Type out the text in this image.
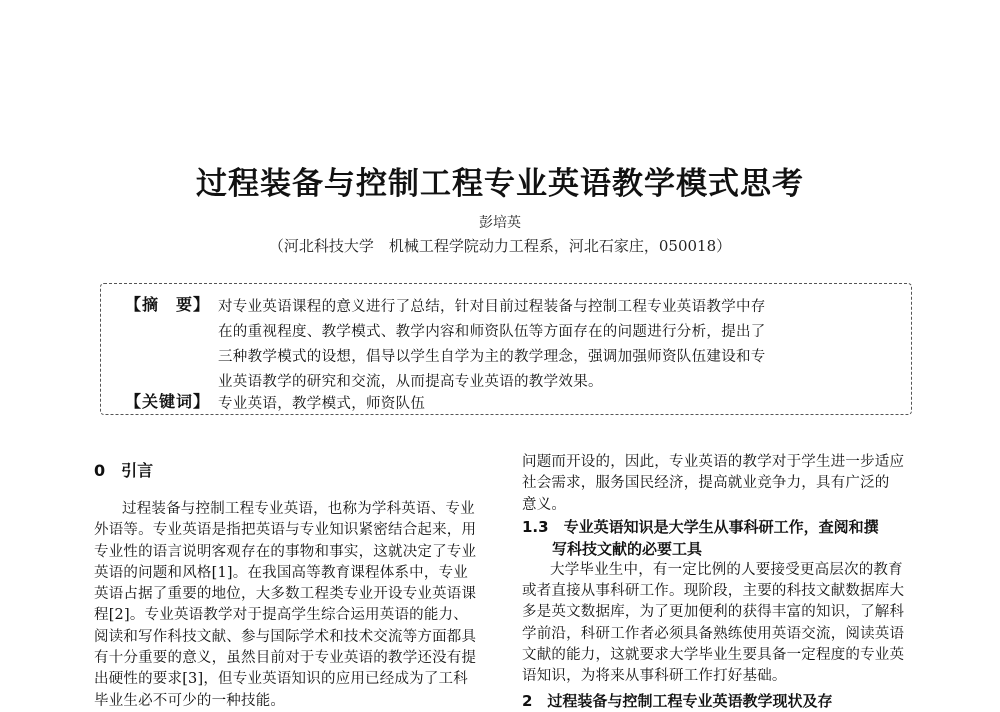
过程装备与控制工程专业英语教学模式思考
彭培英
（河北科技大学　机械工程学院动力工程系，河北石家庄，050018）
【摘　要】 对专业英语课程的意义进行了总结，针对目前过程装备与控制工程专业英语教学中存
在的重视程度、教学模式、教学内容和师资队伍等方面存在的问题进行分析，提出了
三种教学模式的设想，倡导以学生自学为主的教学理念，强调加强师资队伍建设和专
业英语教学的研究和交流，从而提高专业英语的教学效果。
【关键词】 专业英语，教学模式，师资队伍
0　引言
过程装备与控制工程专业英语，也称为学科英语、专业
外语等。专业英语是指把英语与专业知识紧密结合起来，用
专业性的语言说明客观存在的事物和事实，这就决定了专业
英语的问题和风格[1]。在我国高等教育课程体系中，专业
英语占据了重要的地位，大多数工程类专业开设专业英语课
程[2]。专业英语教学对于提高学生综合运用英语的能力、
阅读和写作科技文献、参与国际学术和技术交流等方面都具
有十分重要的意义，虽然目前对于专业英语的教学还没有提
出硬性的要求[3]，但专业英语知识的应用已经成为了工科
毕业生必不可少的一种技能。
问题而开设的，因此，专业英语的教学对于学生进一步适应
社会需求，服务国民经济，提高就业竞争力，具有广泛的
意义。
1.3　专业英语知识是大学生从事科研工作，查阅和撰
写科技文献的必要工具
大学毕业生中，有一定比例的人要接受更高层次的教育
或者直接从事科研工作。现阶段，主要的科技文献数据库大
多是英文数据库，为了更加便利的获得丰富的知识，了解科
学前沿，科研工作者必须具备熟练使用英语交流，阅读英语
文献的能力，这就要求大学毕业生要具备一定程度的专业英
语知识，为将来从事科研工作打好基础。
2　过程装备与控制工程专业英语教学现状及存
